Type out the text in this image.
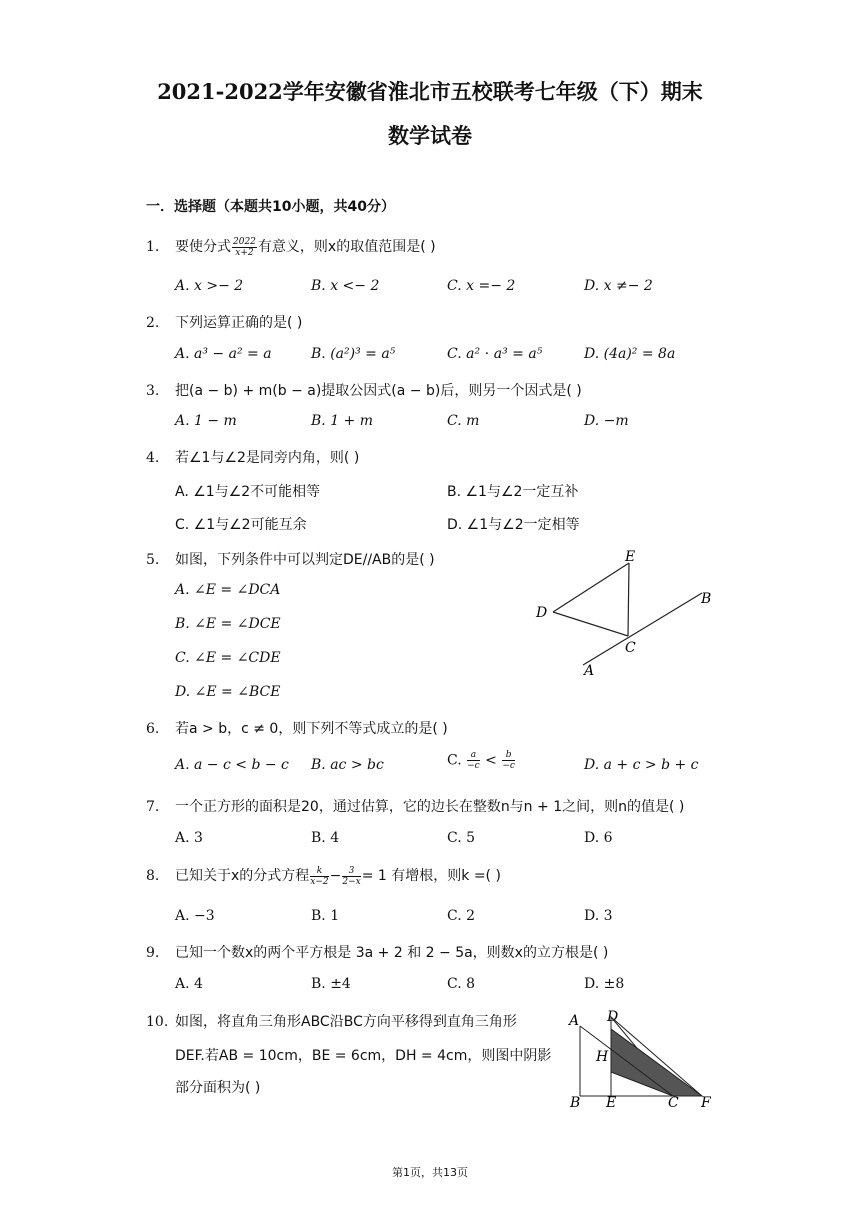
2021-2022学年安徽省淮北市五校联考七年级（下）期末
数学试卷
一．选择题（本题共10小题，共40分）
1. 要使分式 $\frac{2022}{x+2}$ 有意义，则x的取值范围是( )
A. x >− 2	B. x <− 2	C. x =− 2	D. x ≠− 2
2. 下列运算正确的是( )
A. a³ − a² = a	B. (a²)³ = a⁵	C. a² ⋅ a³ = a⁵	D. (4a)² = 8a
3. 把(a − b) + m(b − a)提取公因式(a − b)后，则另一个因式是( )
A. 1 − m	B. 1 + m	C. m	D. −m
4. 若∠1与∠2是同旁内角，则( )
A. ∠1与∠2不可能相等	B. ∠1与∠2一定互补
C. ∠1与∠2可能互余	D. ∠1与∠2一定相等
5. 如图，下列条件中可以判定DE//AB的是( )
A. ∠E = ∠DCA
B. ∠E = ∠DCE
C. ∠E = ∠CDE
D. ∠E = ∠BCE
E
D
B
C
A
6. 若a > b，c ≠ 0，则下列不等式成立的是( )
A. a − c < b − c B. ac > bc	C. $\frac{a}{-c} < \frac{b}{-c}$	D. a + c > b + c
7. 一个正方形的面积是20，通过估算，它的边长在整数n与n + 1之间，则n的值是( )
A. 3	B. 4	C. 5	D. 6
8. 已知关于x的分式方程 $\frac{k}{x-2} - \frac{3}{2-x} = 1$ 有增根，则k =( )
A. −3	B. 1	C. 2	D. 3
9. 已知一个数x的两个平方根是 3a + 2 和 2 − 5a，则数x的立方根是( )
A. 4	B. ±4	C. 8	D. ±8
10. 如图，将直角三角形ABC沿BC方向平移得到直角三角形
DEF.若AB = 10cm，BE = 6cm，DH = 4cm，则图中阴影
部分面积为( )
A D
H
B E	C F
第1页，共13页
